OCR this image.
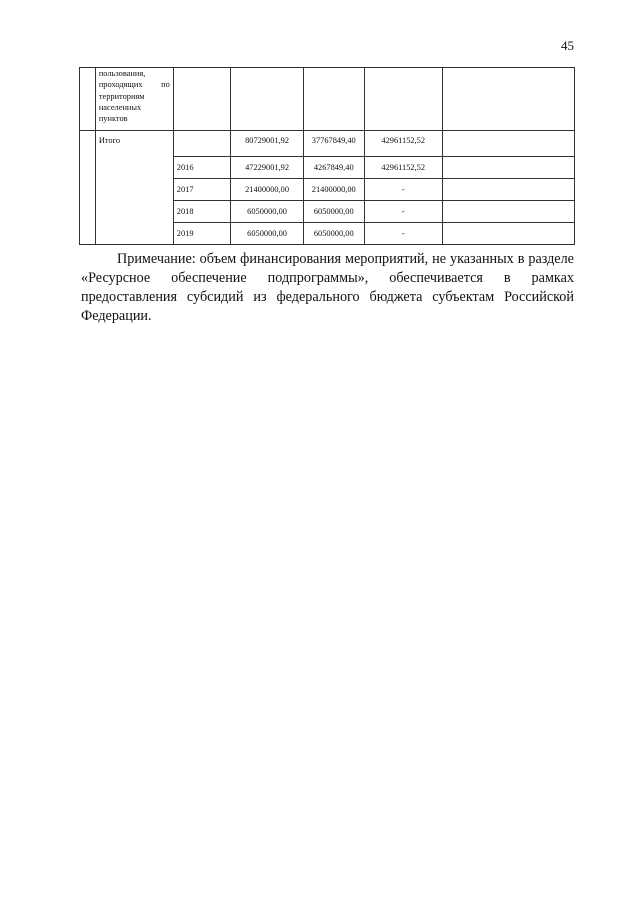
45

	пользования, проходящих по территориям населенных пунктов					

	Итого		80729001,92	37767849,40	42961152,52	
		2016	47229001,92	4267849,40	42961152,52	
		2017	21400000,00	21400000,00	-	
		2018	6050000,00	6050000,00	-	
		2019	6050000,00	6050000,00	-	

Примечание: объем финансирования мероприятий, не указанных в разделе «Ресурсное обеспечение подпрограммы», обеспечивается в рамках предоставления субсидий из федерального бюджета субъектам Российской Федерации.
